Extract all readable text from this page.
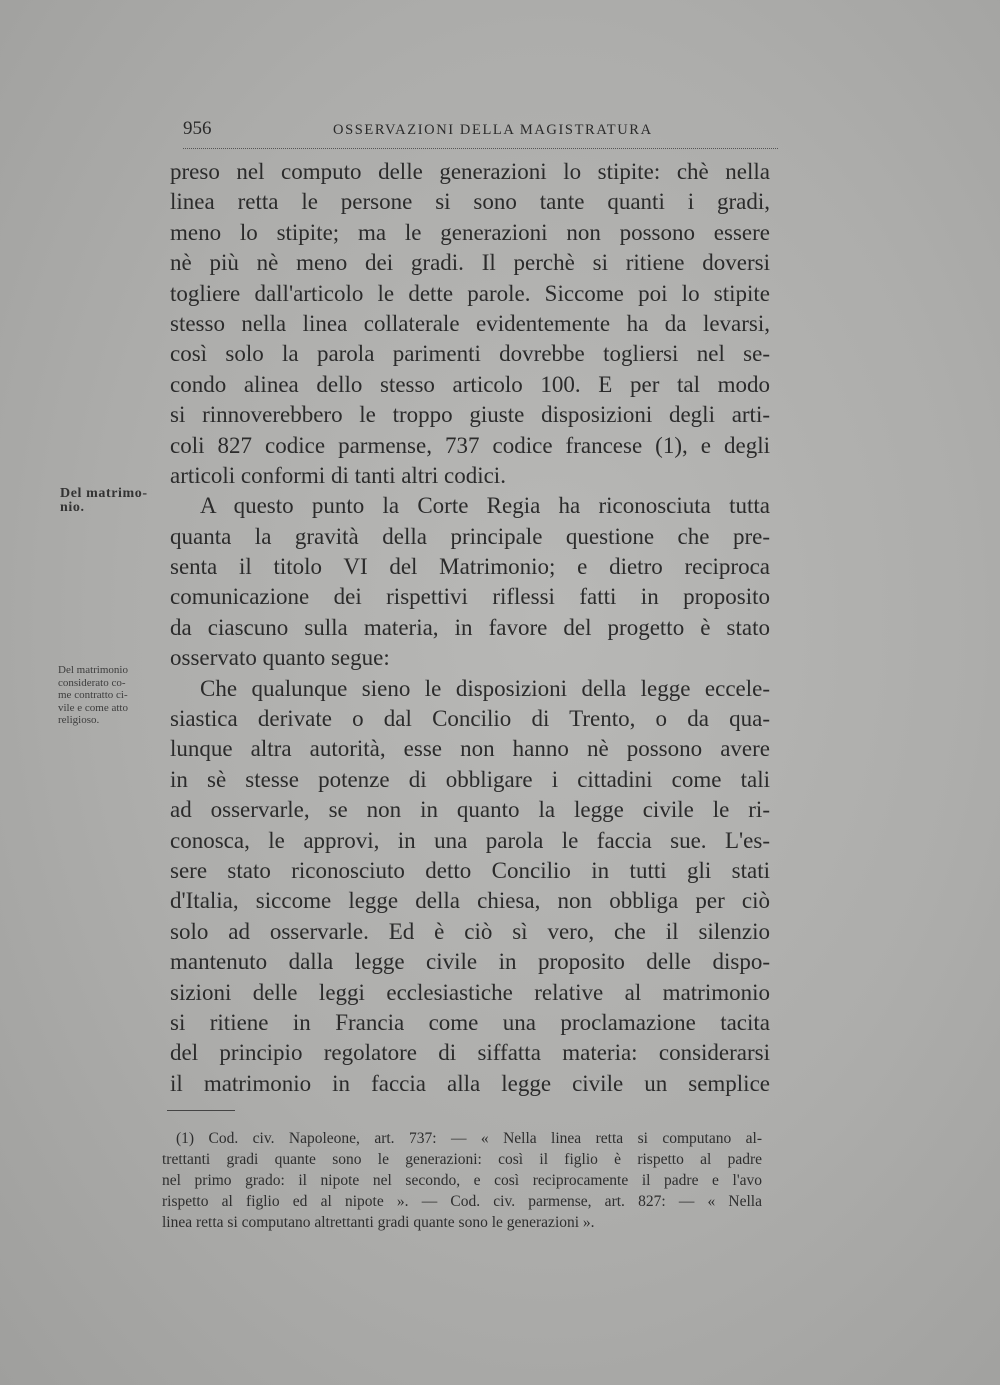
956	OSSERVAZIONI DELLA MAGISTRATURA
Del matrimo-
nio.
Del matrimonio
considerato co-
me contratto ci-
vile e come atto
religioso.
preso nel computo delle generazioni lo stipite: chè nella
linea retta le persone si sono tante quanti i gradi,
meno lo stipite; ma le generazioni non possono essere
nè più nè meno dei gradi. Il perchè si ritiene doversi
togliere dall'articolo le dette parole. Siccome poi lo stipite
stesso nella linea collaterale evidentemente ha da levarsi,
così solo la parola parimenti dovrebbe togliersi nel se-
condo alinea dello stesso articolo 100. E per tal modo
si rinnoverebbero le troppo giuste disposizioni degli arti-
coli 827 codice parmense, 737 codice francese (1), e degli
articoli conformi di tanti altri codici.
A questo punto la Corte Regia ha riconosciuta tutta
quanta la gravità della principale questione che pre-
senta il titolo VI del Matrimonio; e dietro reciproca
comunicazione dei rispettivi riflessi fatti in proposito
da ciascuno sulla materia, in favore del progetto è stato
osservato quanto segue:
Che qualunque sieno le disposizioni della legge eccele-
siastica derivate o dal Concilio di Trento, o da qua-
lunque altra autorità, esse non hanno nè possono avere
in sè stesse potenze di obbligare i cittadini come tali
ad osservarle, se non in quanto la legge civile le ri-
conosca, le approvi, in una parola le faccia sue. L'es-
sere stato riconosciuto detto Concilio in tutti gli stati
d'Italia, siccome legge della chiesa, non obbliga per ciò
solo ad osservarle. Ed è ciò sì vero, che il silenzio
mantenuto dalla legge civile in proposito delle dispo-
sizioni delle leggi ecclesiastiche relative al matrimonio
si ritiene in Francia come una proclamazione tacita
del principio regolatore di siffatta materia: considerarsi
il matrimonio in faccia alla legge civile un semplice
(1) Cod. civ. Napoleone, art. 737: — « Nella linea retta si computano al-
trettanti gradi quante sono le generazioni: così il figlio è rispetto al padre
nel primo grado: il nipote nel secondo, e così reciprocamente il padre e l'avo
rispetto al figlio ed al nipote ». — Cod. civ. parmense, art. 827: — « Nella
linea retta si computano altrettanti gradi quante sono le generazioni ».
